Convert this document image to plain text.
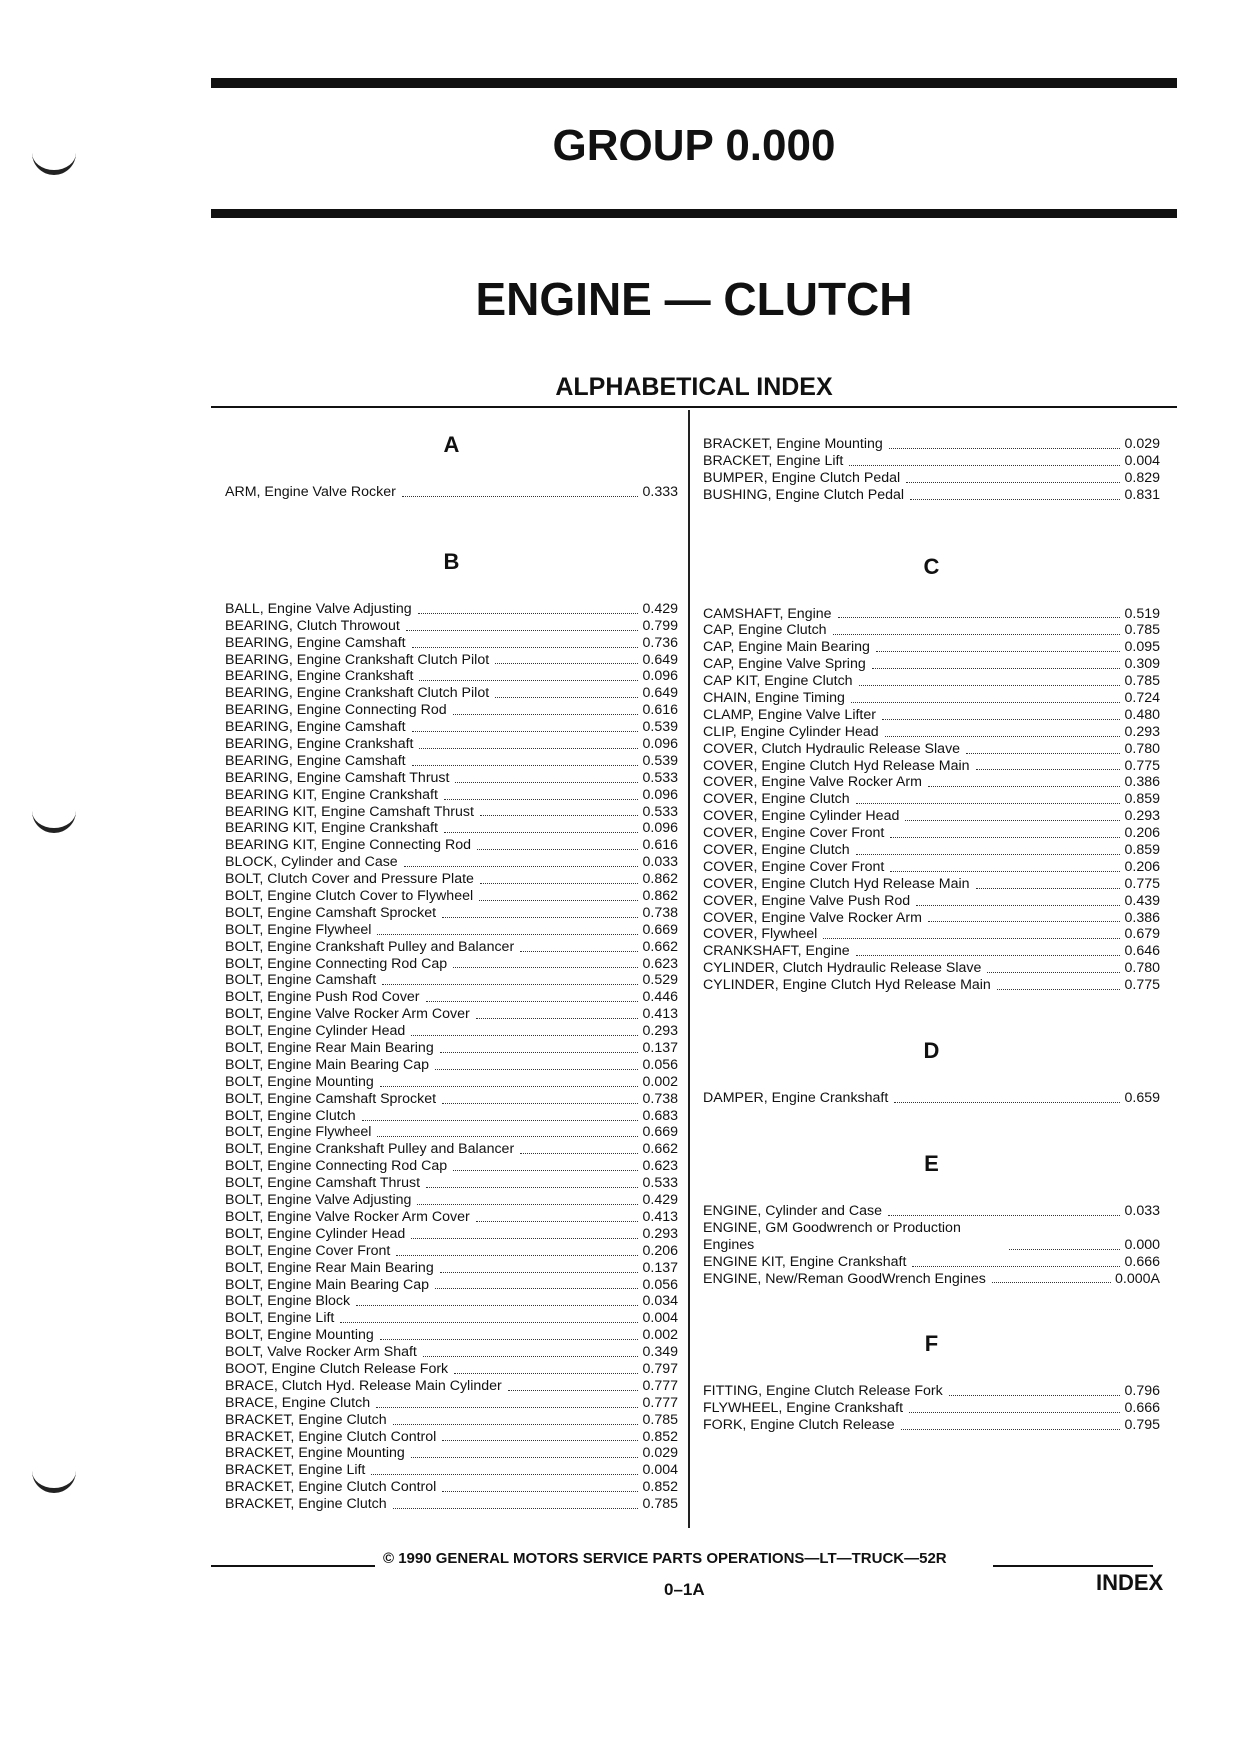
GROUP 0.000
ENGINE — CLUTCH
ALPHABETICAL INDEX
A
ARM, Engine Valve Rocker	0.333
B
BALL, Engine Valve Adjusting	0.429
BEARING, Clutch Throwout	0.799
BEARING, Engine Camshaft	0.736
BEARING, Engine Crankshaft Clutch Pilot	0.649
BEARING, Engine Crankshaft	0.096
BEARING, Engine Crankshaft Clutch Pilot	0.649
BEARING, Engine Connecting Rod	0.616
BEARING, Engine Camshaft	0.539
BEARING, Engine Crankshaft	0.096
BEARING, Engine Camshaft	0.539
BEARING, Engine Camshaft Thrust	0.533
BEARING KIT, Engine Crankshaft	0.096
BEARING KIT, Engine Camshaft Thrust	0.533
BEARING KIT, Engine Crankshaft	0.096
BEARING KIT, Engine Connecting Rod	0.616
BLOCK, Cylinder and Case	0.033
BOLT, Clutch Cover and Pressure Plate	0.862
BOLT, Engine Clutch Cover to Flywheel	0.862
BOLT, Engine Camshaft Sprocket	0.738
BOLT, Engine Flywheel	0.669
BOLT, Engine Crankshaft Pulley and Balancer	0.662
BOLT, Engine Connecting Rod Cap	0.623
BOLT, Engine Camshaft	0.529
BOLT, Engine Push Rod Cover	0.446
BOLT, Engine Valve Rocker Arm Cover	0.413
BOLT, Engine Cylinder Head	0.293
BOLT, Engine Rear Main Bearing	0.137
BOLT, Engine Main Bearing Cap	0.056
BOLT, Engine Mounting	0.002
BOLT, Engine Camshaft Sprocket	0.738
BOLT, Engine Clutch	0.683
BOLT, Engine Flywheel	0.669
BOLT, Engine Crankshaft Pulley and Balancer	0.662
BOLT, Engine Connecting Rod Cap	0.623
BOLT, Engine Camshaft Thrust	0.533
BOLT, Engine Valve Adjusting	0.429
BOLT, Engine Valve Rocker Arm Cover	0.413
BOLT, Engine Cylinder Head	0.293
BOLT, Engine Cover Front	0.206
BOLT, Engine Rear Main Bearing	0.137
BOLT, Engine Main Bearing Cap	0.056
BOLT, Engine Block	0.034
BOLT, Engine Lift	0.004
BOLT, Engine Mounting	0.002
BOLT, Valve Rocker Arm Shaft	0.349
BOOT, Engine Clutch Release Fork	0.797
BRACE, Clutch Hyd. Release Main Cylinder	0.777
BRACE, Engine Clutch	0.777
BRACKET, Engine Clutch	0.785
BRACKET, Engine Clutch Control	0.852
BRACKET, Engine Mounting	0.029
BRACKET, Engine Lift	0.004
BRACKET, Engine Clutch Control	0.852
BRACKET, Engine Clutch	0.785
BRACKET, Engine Mounting	0.029
BRACKET, Engine Lift	0.004
BUMPER, Engine Clutch Pedal	0.829
BUSHING, Engine Clutch Pedal	0.831
C
CAMSHAFT, Engine	0.519
CAP, Engine Clutch	0.785
CAP, Engine Main Bearing	0.095
CAP, Engine Valve Spring	0.309
CAP KIT, Engine Clutch	0.785
CHAIN, Engine Timing	0.724
CLAMP, Engine Valve Lifter	0.480
CLIP, Engine Cylinder Head	0.293
COVER, Clutch Hydraulic Release Slave	0.780
COVER, Engine Clutch Hyd Release Main	0.775
COVER, Engine Valve Rocker Arm	0.386
COVER, Engine Clutch	0.859
COVER, Engine Cylinder Head	0.293
COVER, Engine Cover Front	0.206
COVER, Engine Clutch	0.859
COVER, Engine Cover Front	0.206
COVER, Engine Clutch Hyd Release Main	0.775
COVER, Engine Valve Push Rod	0.439
COVER, Engine Valve Rocker Arm	0.386
COVER, Flywheel	0.679
CRANKSHAFT, Engine	0.646
CYLINDER, Clutch Hydraulic Release Slave	0.780
CYLINDER, Engine Clutch Hyd Release Main	0.775
D
DAMPER, Engine Crankshaft	0.659
E
ENGINE, Cylinder and Case	0.033
ENGINE, GM Goodwrench or Production Engines	0.000
ENGINE KIT, Engine Crankshaft	0.666
ENGINE, New/Reman GoodWrench Engines	0.000A
F
FITTING, Engine Clutch Release Fork	0.796
FLYWHEEL, Engine Crankshaft	0.666
FORK, Engine Clutch Release	0.795
© 1990 GENERAL MOTORS SERVICE PARTS OPERATIONS—LT—TRUCK—52R
0–1A	INDEX
